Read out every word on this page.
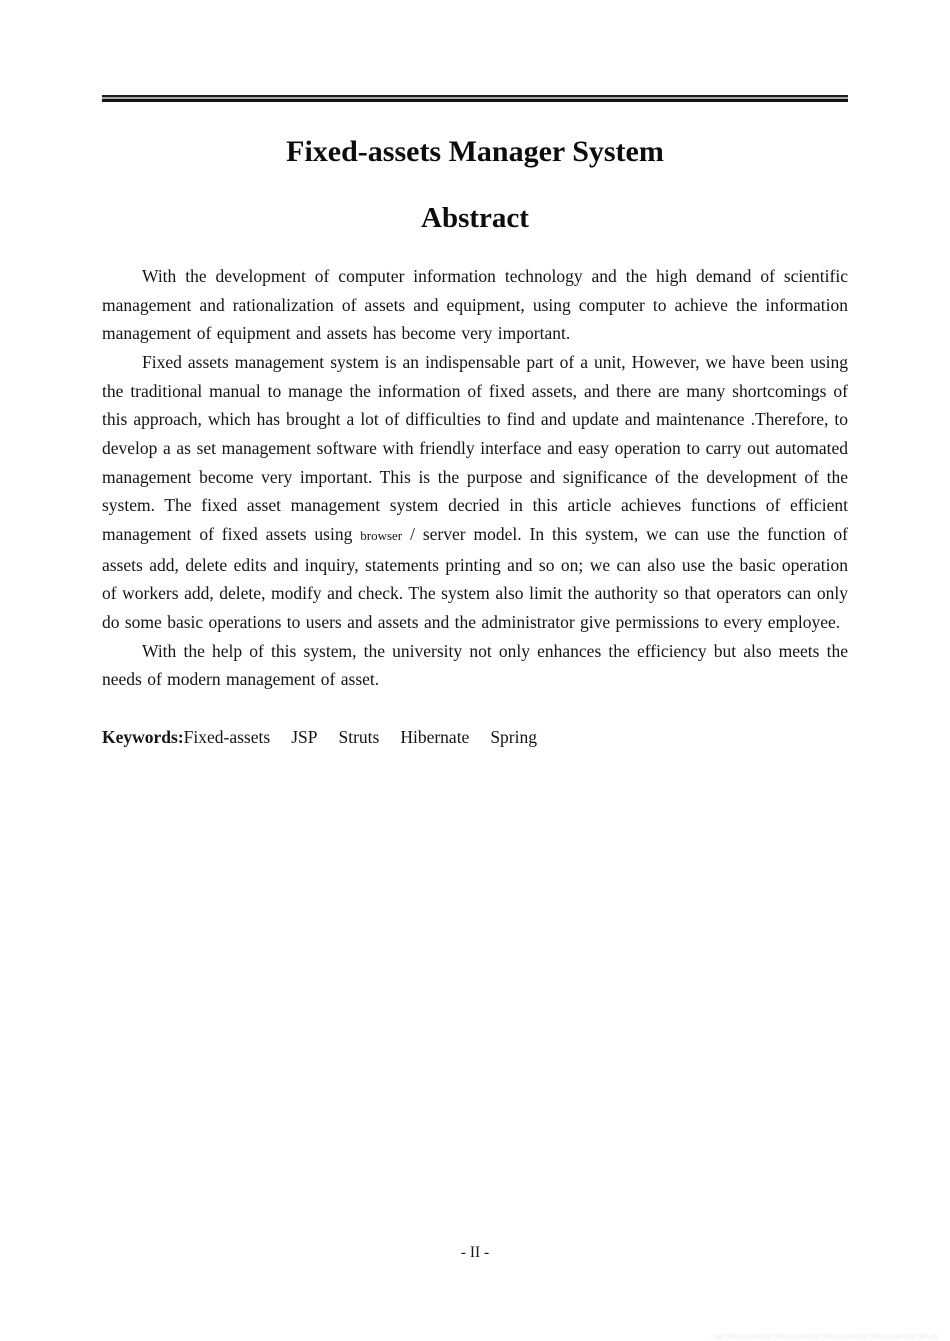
Fixed-assets Manager System
Abstract

With the development of computer information technology and the high demand of scientific management and rationalization of assets and equipment, using computer to achieve the information management of equipment and assets has become very important.

Fixed assets management system is an indispensable part of a unit, However, we have been using the traditional manual to manage the information of fixed assets, and there are many shortcomings of this approach, which has brought a lot of difficulties to find and update and maintenance .Therefore, to develop a as set management software with friendly interface and easy operation to carry out automated management become very important. This is the purpose and significance of the development of the system. The fixed asset management system decried in this article achieves functions of efficient management of fixed assets using browser / server model. In this system, we can use the function of assets add, delete edits and inquiry, statements printing and so on; we can also use the basic operation of workers add, delete, modify and check. The system also limit the authority so that operators can only do some basic operations to users and assets and the administrator give permissions to every employee.

With the help of this system, the university not only enhances the efficiency but also meets the needs of modern management of asset.

Keywords:Fixed-assets JSP Struts Hibernate Spring

- II -
